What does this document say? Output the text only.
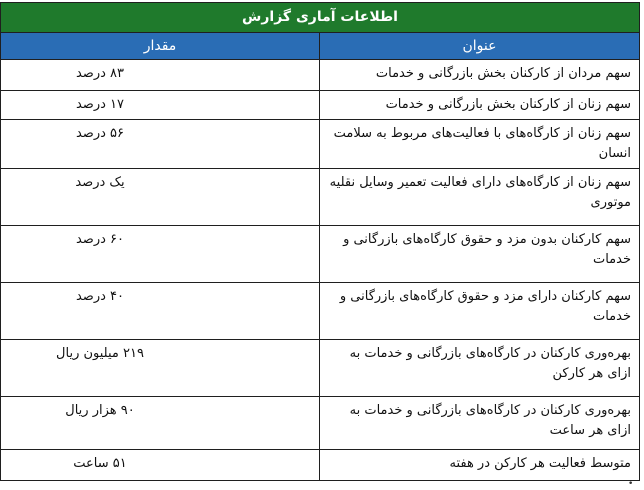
اطلاعات آماری گزارش	
عنوان	مقدار
سهم مردان از کارکنان بخش بازرگانی و خدمات	۸۳ درصد
سهم زنان از کارکنان بخش بازرگانی و خدمات	۱۷ درصد
سهم زنان از کارگاه‌های با فعالیت‌های مربوط به سلامت انسان	۵۶ درصد
سهم زنان از کارگاه‌های دارای فعالیت تعمیر وسایل نقلیه موتوری	یک درصد
سهم کارکنان بدون مزد و حقوق کارگاه‌های بازرگانی و خدمات	۶۰ درصد
سهم کارکنان دارای مزد و حقوق کارگاه‌های بازرگانی و خدمات	۴۰ درصد
بهره‌وری کارکنان در کارگاه‌های بازرگانی و خدمات به ازای هر کارکن	۲۱۹ میلیون ریال
بهره‌وری کارکنان در کارگاه‌های بازرگانی و خدمات به ازای هر ساعت	۹۰ هزار ریال
متوسط فعالیت هر کارکن در هفته	۵۱ ساعت
•
